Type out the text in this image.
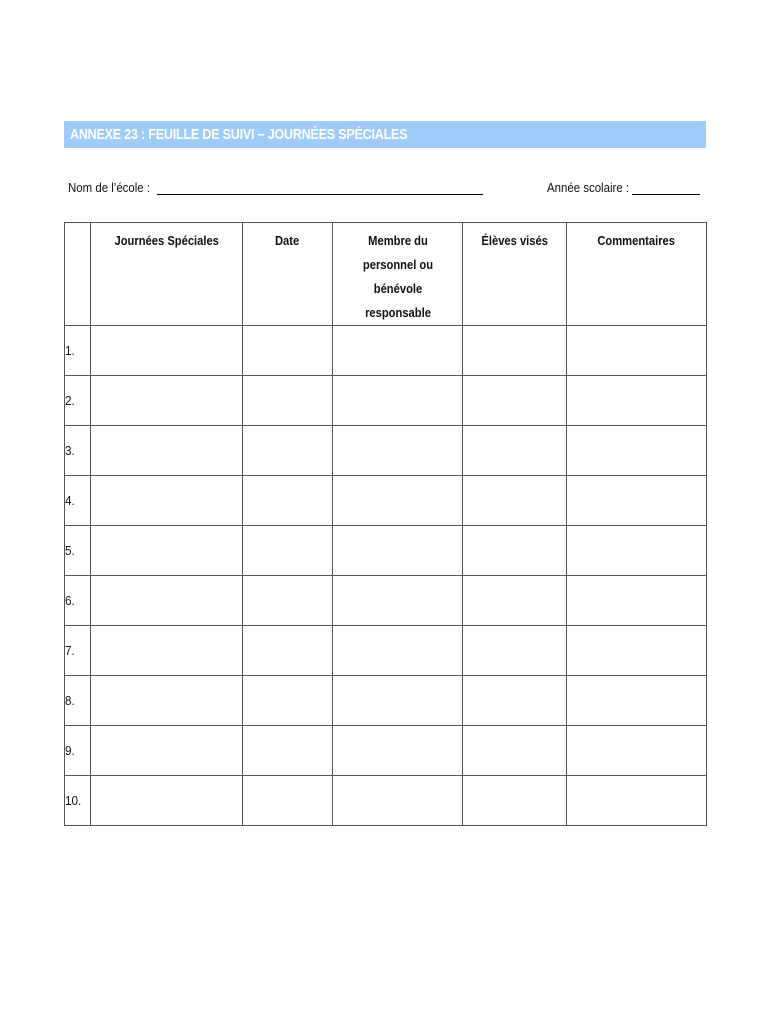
ANNEXE 23 : FEUILLE DE SUIVI – JOURNÉES SPÉCIALES
Nom de l’école :	Année scolaire :
	Journées Spéciales	Date	Membre du personnel ou bénévole responsable	Élèves visés	Commentaires
1.					
2.					
3.					
4.					
5.					
6.					
7.					
8.					
9.					
10.					
